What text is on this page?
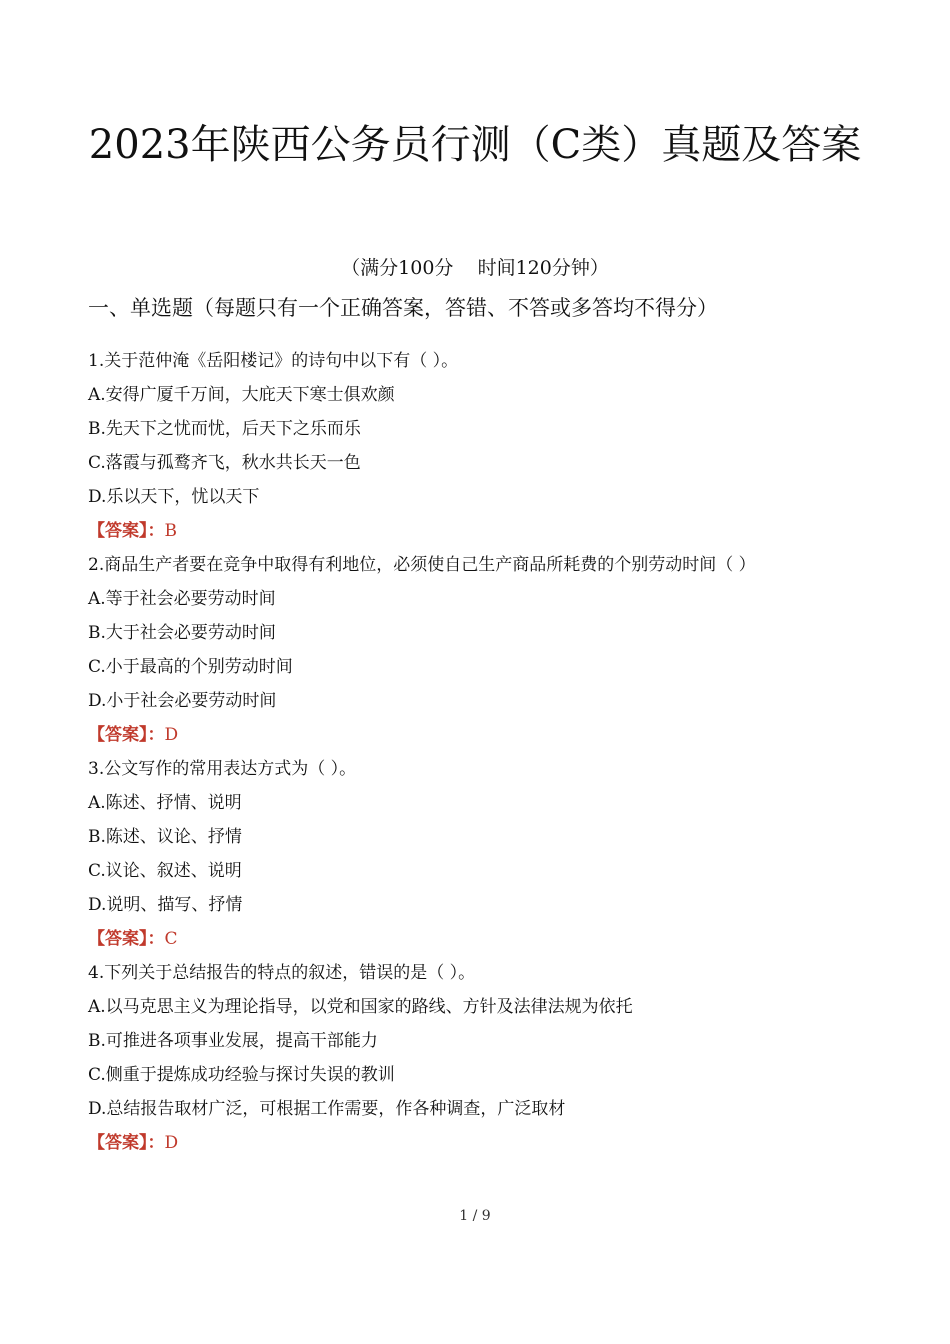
2023年陕西公务员行测（C类）真题及答案
（满分100分    时间120分钟）
一、单选题（每题只有一个正确答案，答错、不答或多答均不得分）
1.关于范仲淹《岳阳楼记》的诗句中以下有（ ）。
A.安得广厦千万间，大庇天下寒士俱欢颜
B.先天下之忧而忧，后天下之乐而乐
C.落霞与孤鹜齐飞，秋水共长天一色
D.乐以天下，忧以天下
【答案】：B
2.商品生产者要在竞争中取得有利地位，必须使自己生产商品所耗费的个别劳动时间（ ）
A.等于社会必要劳动时间
B.大于社会必要劳动时间
C.小于最高的个别劳动时间
D.小于社会必要劳动时间
【答案】：D
3.公文写作的常用表达方式为（ ）。
A.陈述、抒情、说明
B.陈述、议论、抒情
C.议论、叙述、说明
D.说明、描写、抒情
【答案】：C
4.下列关于总结报告的特点的叙述，错误的是（ ）。
A.以马克思主义为理论指导，以党和国家的路线、方针及法律法规为依托
B.可推进各项事业发展，提高干部能力
C.侧重于提炼成功经验与探讨失误的教训
D.总结报告取材广泛，可根据工作需要，作各种调查，广泛取材
【答案】：D
1 / 9
